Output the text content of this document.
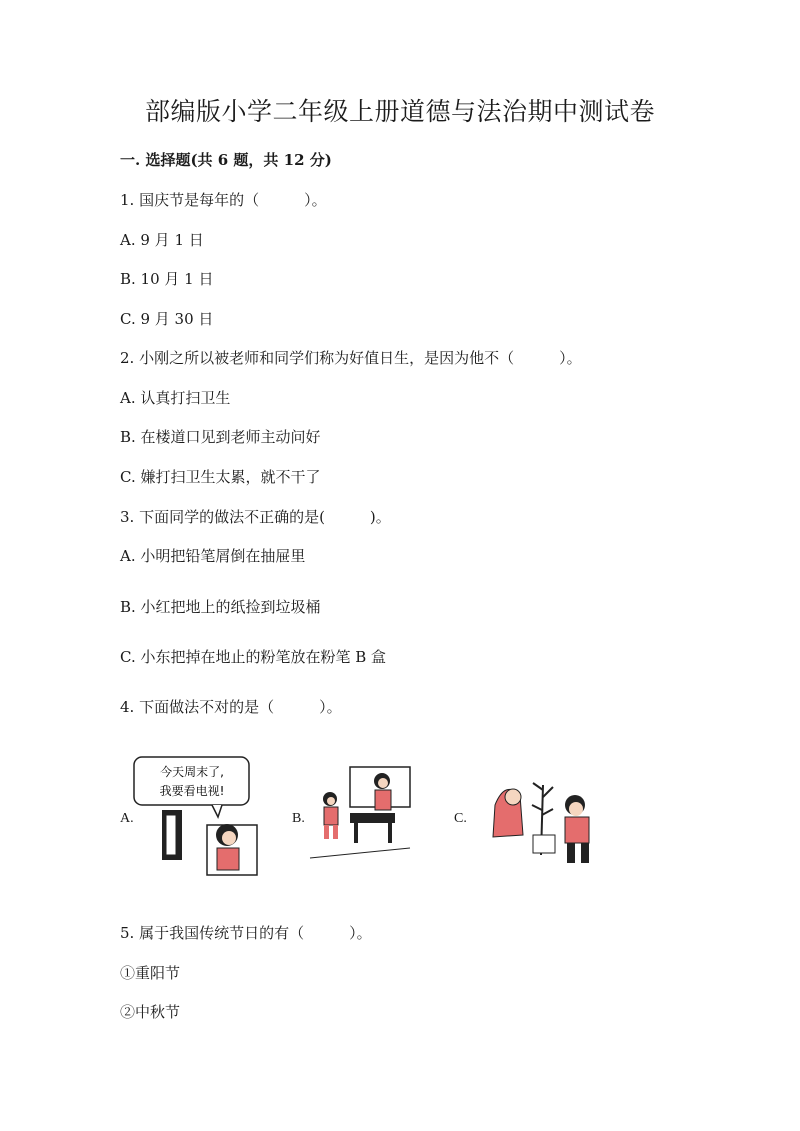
部编版小学二年级上册道德与法治期中测试卷
一. 选择题(共 6 题，共 12 分)
1. 国庆节是每年的（　　　）。
A. 9 月 1 日
B. 10 月 1 日
C. 9 月 30 日
2. 小刚之所以被老师和同学们称为好值日生，是因为他不（　　　）。
A. 认真打扫卫生
B. 在楼道口见到老师主动问好
C. 嫌打扫卫生太累，就不干了
3. 下面同学的做法不正确的是(　　　)。
A. 小明把铅笔屑倒在抽屉里
B. 小红把地上的纸捡到垃圾桶
C. 小东把掉在地止的粉笔放在粉笔 B 盒
4. 下面做法不对的是（　　　）。
A.
今天周末了,
我要看电视!
B.	C.
5. 属于我国传统节日的有（　　　）。
①重阳节
②中秋节
